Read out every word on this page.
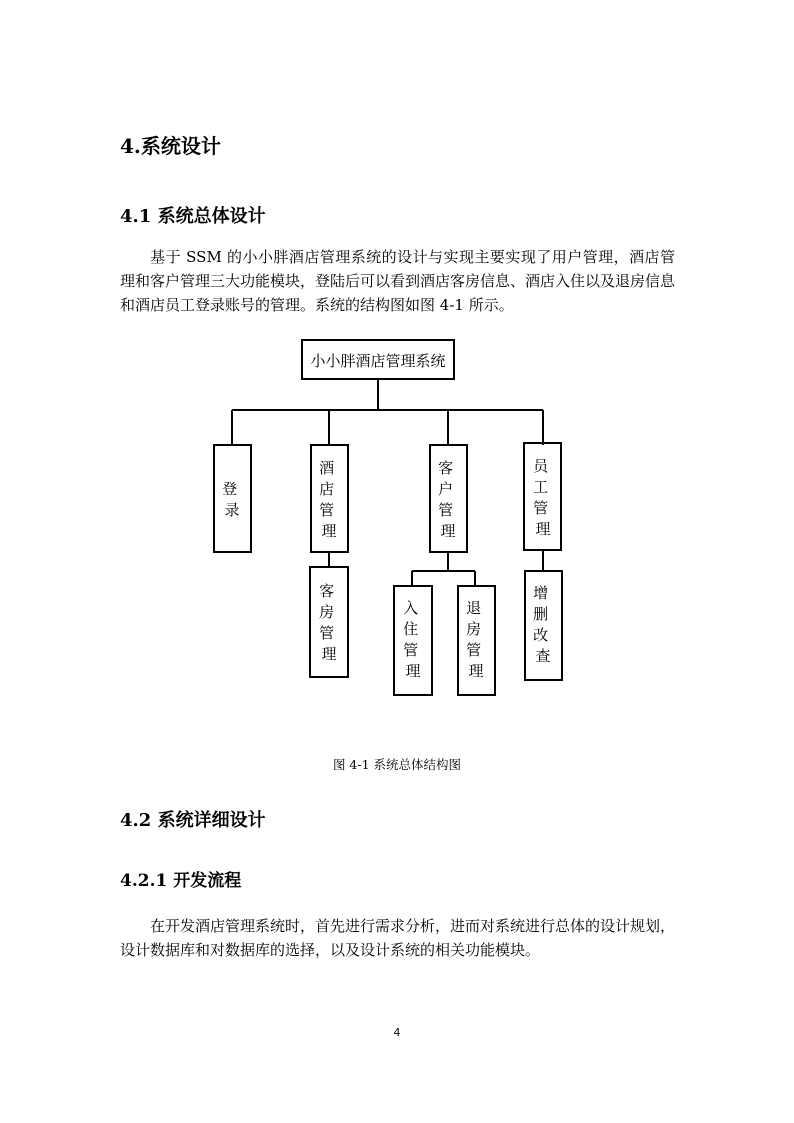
4.系统设计
4.1 系统总体设计

基于 SSM 的小小胖酒店管理系统的设计与实现主要实现了用户管理，酒店管理和客户管理三大功能模块，登陆后可以看到酒店客房信息、酒店入住以及退房信息和酒店员工登录账号的管理。系统的结构图如图 4-1 所示。

小小胖酒店管理系统
登 录
酒 店 管 理
客 户 管 理
员 工 管 理
客 房 管 理
入 住 管 理
退 房 管 理
增 删 改 查

图 4-1 系统总体结构图

4.2 系统详细设计
4.2.1 开发流程

在开发酒店管理系统时，首先进行需求分析，进而对系统进行总体的设计规划，设计数据库和对数据库的选择，以及设计系统的相关功能模块。

4
